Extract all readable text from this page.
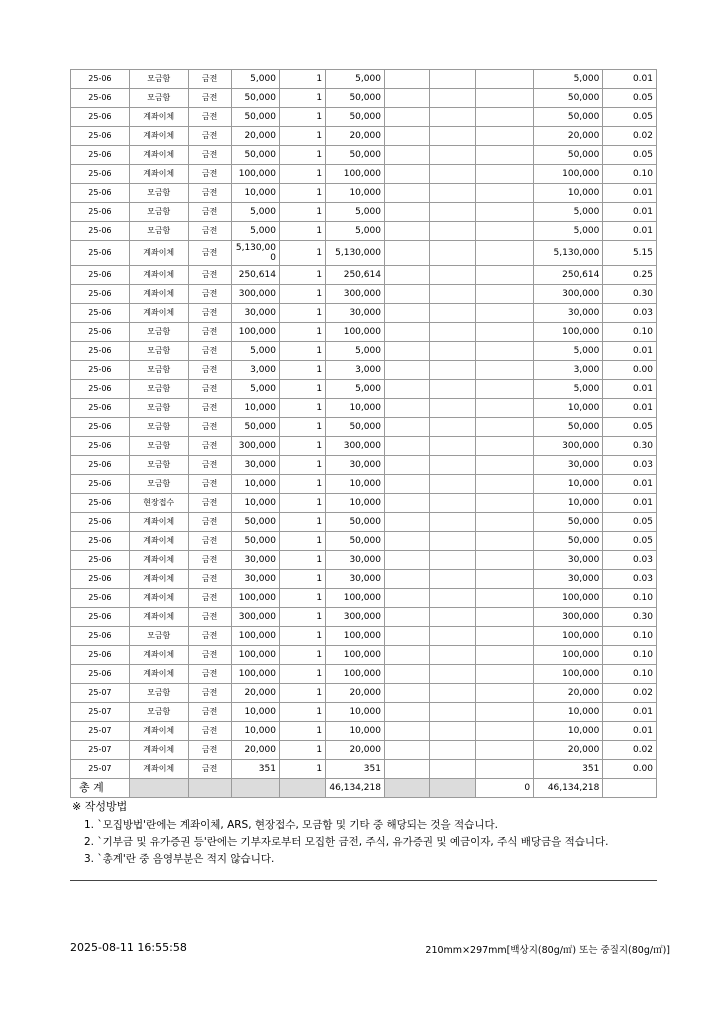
25-06	모금함	금전	5,000	1	5,000				5,000	0.01
25-06	모금함	금전	50,000	1	50,000				50,000	0.05
25-06	계좌이체	금전	50,000	1	50,000				50,000	0.05
25-06	계좌이체	금전	20,000	1	20,000				20,000	0.02
25-06	계좌이체	금전	50,000	1	50,000				50,000	0.05
25-06	계좌이체	금전	100,000	1	100,000				100,000	0.10
25-06	모금함	금전	10,000	1	10,000				10,000	0.01
25-06	모금함	금전	5,000	1	5,000				5,000	0.01
25-06	모금함	금전	5,000	1	5,000				5,000	0.01
25-06	계좌이체	금전	5,130,000	1	5,130,000				5,130,000	5.15
25-06	계좌이체	금전	250,614	1	250,614				250,614	0.25
25-06	계좌이체	금전	300,000	1	300,000				300,000	0.30
25-06	계좌이체	금전	30,000	1	30,000				30,000	0.03
25-06	모금함	금전	100,000	1	100,000				100,000	0.10
25-06	모금함	금전	5,000	1	5,000				5,000	0.01
25-06	모금함	금전	3,000	1	3,000				3,000	0.00
25-06	모금함	금전	5,000	1	5,000				5,000	0.01
25-06	모금함	금전	10,000	1	10,000				10,000	0.01
25-06	모금함	금전	50,000	1	50,000				50,000	0.05
25-06	모금함	금전	300,000	1	300,000				300,000	0.30
25-06	모금함	금전	30,000	1	30,000				30,000	0.03
25-06	모금함	금전	10,000	1	10,000				10,000	0.01
25-06	현장접수	금전	10,000	1	10,000				10,000	0.01
25-06	계좌이체	금전	50,000	1	50,000				50,000	0.05
25-06	계좌이체	금전	50,000	1	50,000				50,000	0.05
25-06	계좌이체	금전	30,000	1	30,000				30,000	0.03
25-06	계좌이체	금전	30,000	1	30,000				30,000	0.03
25-06	계좌이체	금전	100,000	1	100,000				100,000	0.10
25-06	계좌이체	금전	300,000	1	300,000				300,000	0.30
25-06	모금함	금전	100,000	1	100,000				100,000	0.10
25-06	계좌이체	금전	100,000	1	100,000				100,000	0.10
25-06	계좌이체	금전	100,000	1	100,000				100,000	0.10
25-07	모금함	금전	20,000	1	20,000				20,000	0.02
25-07	모금함	금전	10,000	1	10,000				10,000	0.01
25-07	계좌이체	금전	10,000	1	10,000				10,000	0.01
25-07	계좌이체	금전	20,000	1	20,000				20,000	0.02
25-07	계좌이체	금전	351	1	351				351	0.00
총 계					46,134,218			0	46,134,218	
※ 작성방법
1. `모집방법'란에는 계좌이체, ARS, 현장접수, 모금함 및 기타 중 해당되는 것을 적습니다.
2. `기부금 및 유가증권 등'란에는 기부자로부터 모집한 금전, 주식, 유가증권 및 예금이자, 주식 배당금을 적습니다.
3. `총계'란 중 음영부분은 적지 않습니다.
2025-08-11 16:55:58	210mm×297mm[백상지(80g/㎡) 또는 중질지(80g/㎡)]
